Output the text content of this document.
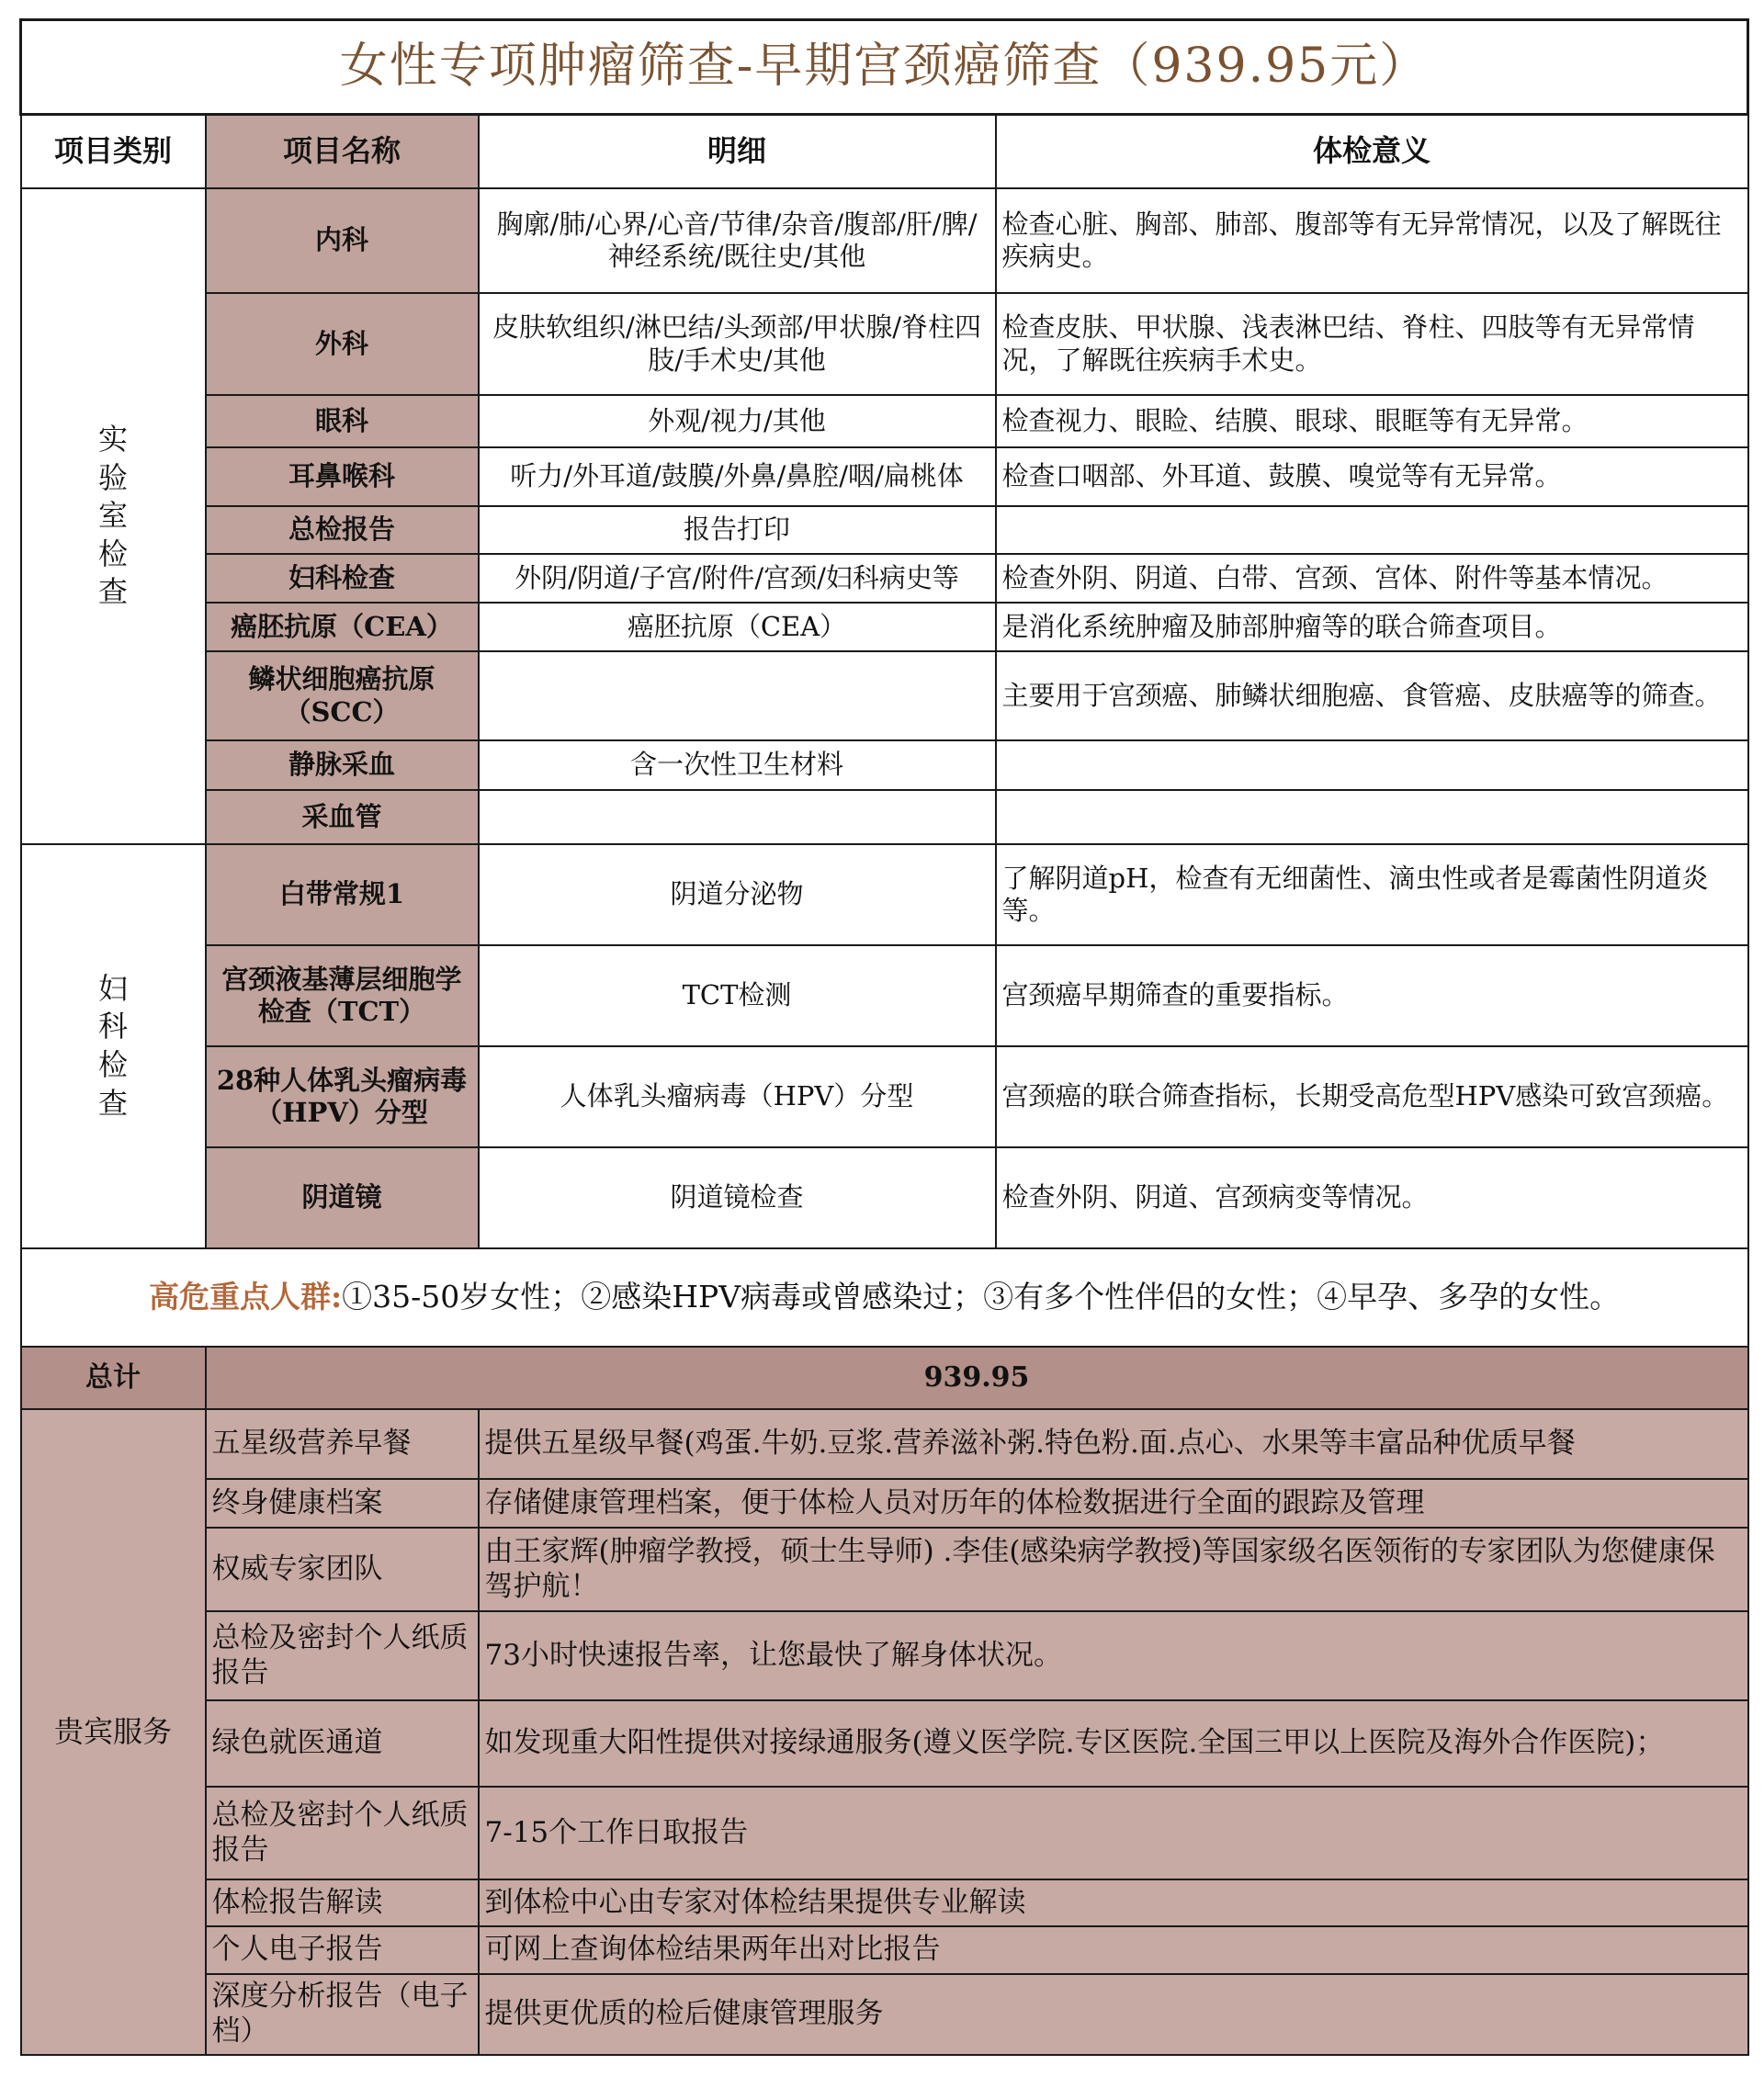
女性专项肿瘤筛查-早期宫颈癌筛查（939.95元）			
项目类别	项目名称	明细	体检意义
实验室检查	内科	胸廓/肺/心界/心音/节律/杂音/腹部/肝/脾/神经系统/既往史/其他	检查心脏、胸部、肺部、腹部等有无异常情况，以及了解既往疾病史。
	外科	皮肤软组织/淋巴结/头颈部/甲状腺/脊柱四肢/手术史/其他	检查皮肤、甲状腺、浅表淋巴结、脊柱、四肢等有无异常情况，了解既往疾病手术史。
	眼科	外观/视力/其他	检查视力、眼睑、结膜、眼球、眼眶等有无异常。
	耳鼻喉科	听力/外耳道/鼓膜/外鼻/鼻腔/咽/扁桃体	检查口咽部、外耳道、鼓膜、嗅觉等有无异常。
	总检报告	报告打印	
	妇科检查	外阴/阴道/子宫/附件/宫颈/妇科病史等	检查外阴、阴道、白带、宫颈、宫体、附件等基本情况。
	癌胚抗原（CEA）	癌胚抗原（CEA）	是消化系统肿瘤及肺部肿瘤等的联合筛查项目。
	鳞状细胞癌抗原（SCC）		主要用于宫颈癌、肺鳞状细胞癌、食管癌、皮肤癌等的筛查。
	静脉采血	含一次性卫生材料	
	采血管		
妇科检查	白带常规1	阴道分泌物	了解阴道pH，检查有无细菌性、滴虫性或者是霉菌性阴道炎等。
	宫颈液基薄层细胞学检查（TCT）	TCT检测	宫颈癌早期筛查的重要指标。
	28种人体乳头瘤病毒（HPV）分型	人体乳头瘤病毒（HPV）分型	宫颈癌的联合筛查指标，长期受高危型HPV感染可致宫颈癌。
	阴道镜	阴道镜检查	检查外阴、阴道、宫颈病变等情况。
高危重点人群:①35-50岁女性；②感染HPV病毒或曾感染过；③有多个性伴侣的女性；④早孕、多孕的女性。			
总计	939.95		
贵宾服务	五星级营养早餐	提供五星级早餐(鸡蛋.牛奶.豆浆.营养滋补粥.特色粉.面.点心、水果等丰富品种优质早餐	
	终身健康档案	存储健康管理档案，便于体检人员对历年的体检数据进行全面的跟踪及管理	
	权威专家团队	由王家辉(肿瘤学教授，硕士生导师) .李佳(感染病学教授)等国家级名医领衔的专家团队为您健康保驾护航！	
	总检及密封个人纸质报告	73小时快速报告率，让您最快了解身体状况。	
	绿色就医通道	如发现重大阳性提供对接绿通服务(遵义医学院.专区医院.全国三甲以上医院及海外合作医院)；	
	总检及密封个人纸质报告	7-15个工作日取报告	
	体检报告解读	到体检中心由专家对体检结果提供专业解读	
	个人电子报告	可网上查询体检结果两年出对比报告	
	深度分析报告（电子档）	提供更优质的检后健康管理服务	
